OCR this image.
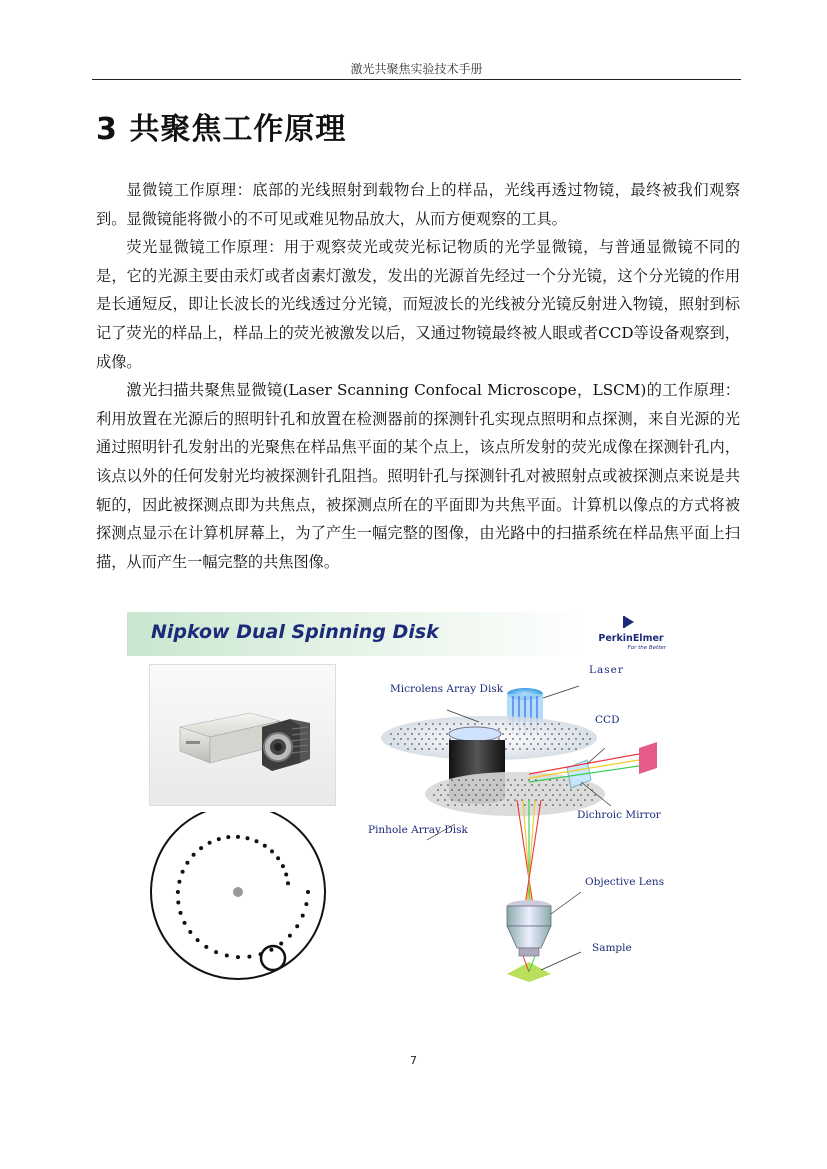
激光共聚焦实验技术手册
3 共聚焦工作原理

显微镜工作原理：底部的光线照射到载物台上的样品，光线再透过物镜，最终被我们观察到。显微镜能将微小的不可见或难见物品放大，从而方便观察的工具。

荧光显微镜工作原理：用于观察荧光或荧光标记物质的光学显微镜，与普通显微镜不同的是，它的光源主要由汞灯或者卤素灯激发，发出的光源首先经过一个分光镜，这个分光镜的作用是长通短反，即让长波长的光线透过分光镜，而短波长的光线被分光镜反射进入物镜，照射到标记了荧光的样品上，样品上的荧光被激发以后，又通过物镜最终被人眼或者CCD等设备观察到，成像。

激光扫描共聚焦显微镜(Laser Scanning Confocal Microscope，LSCM)的工作原理：利用放置在光源后的照明针孔和放置在检测器前的探测针孔实现点照明和点探测，来自光源的光通过照明针孔发射出的光聚焦在样品焦平面的某个点上，该点所发射的荧光成像在探测针孔内，该点以外的任何发射光均被探测针孔阻挡。照明针孔与探测针孔对被照射点或被探测点来说是共轭的，因此被探测点即为共焦点，被探测点所在的平面即为共焦平面。计算机以像点的方式将被探测点显示在计算机屏幕上，为了产生一幅完整的图像，由光路中的扫描系统在样品焦平面上扫描，从而产生一幅完整的共焦图像。

Nipkow Dual Spinning Disk	PerkinElmer
For the Better
Laser
Microlens Array Disk
CCD
Dichroic Mirror
Pinhole Array Disk
Objective Lens
Sample
7
